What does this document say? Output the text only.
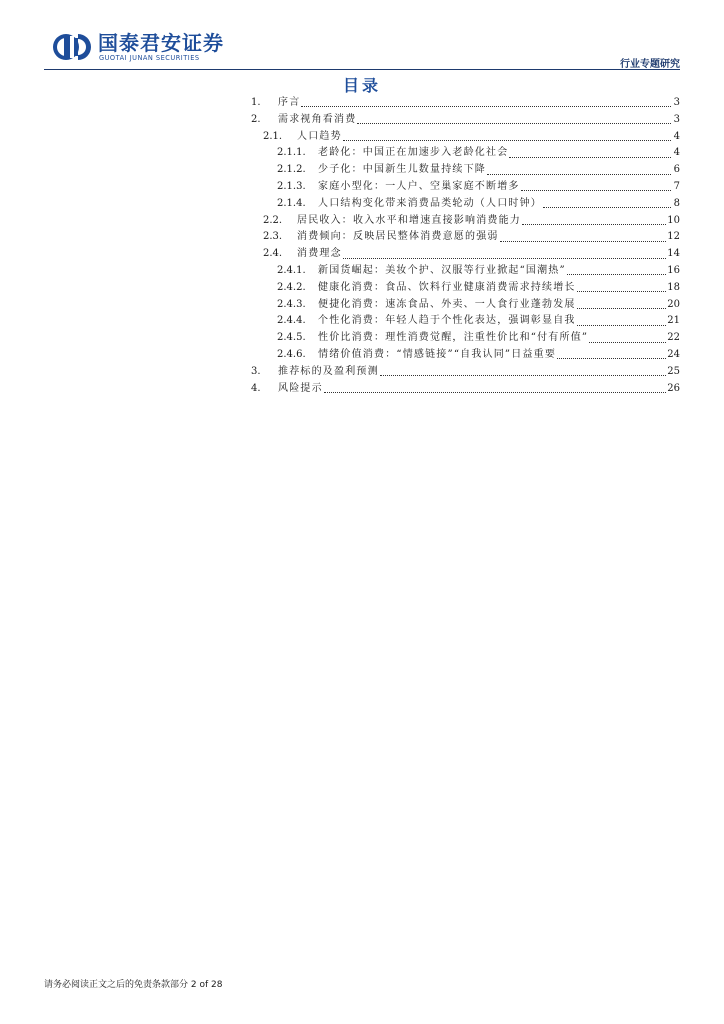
国泰君安证券
GUOTAI JUNAN SECURITIES
行业专题研究
目录
1.	序言	3
2.	需求视角看消费	3
2.1.	人口趋势	4
2.1.1.	老龄化：中国正在加速步入老龄化社会	4
2.1.2.	少子化：中国新生儿数量持续下降	6
2.1.3.	家庭小型化：一人户、空巢家庭不断增多	7
2.1.4.	人口结构变化带来消费品类轮动（人口时钟）	8
2.2.	居民收入：收入水平和增速直接影响消费能力	10
2.3.	消费倾向：反映居民整体消费意愿的强弱	12
2.4.	消费理念	14
2.4.1.	新国货崛起：美妆个护、汉服等行业掀起“国潮热”	16
2.4.2.	健康化消费：食品、饮料行业健康消费需求持续增长	18
2.4.3.	便捷化消费：速冻食品、外卖、一人食行业蓬勃发展	20
2.4.4.	个性化消费：年轻人趋于个性化表达，强调彰显自我	21
2.4.5.	性价比消费：理性消费觉醒，注重性价比和“付有所值”	22
2.4.6.	情绪价值消费：“情感链接”“自我认同”日益重要	24
3.	推荐标的及盈利预测	25
4.	风险提示	26
请务必阅读正文之后的免责条款部分 2 of 28
